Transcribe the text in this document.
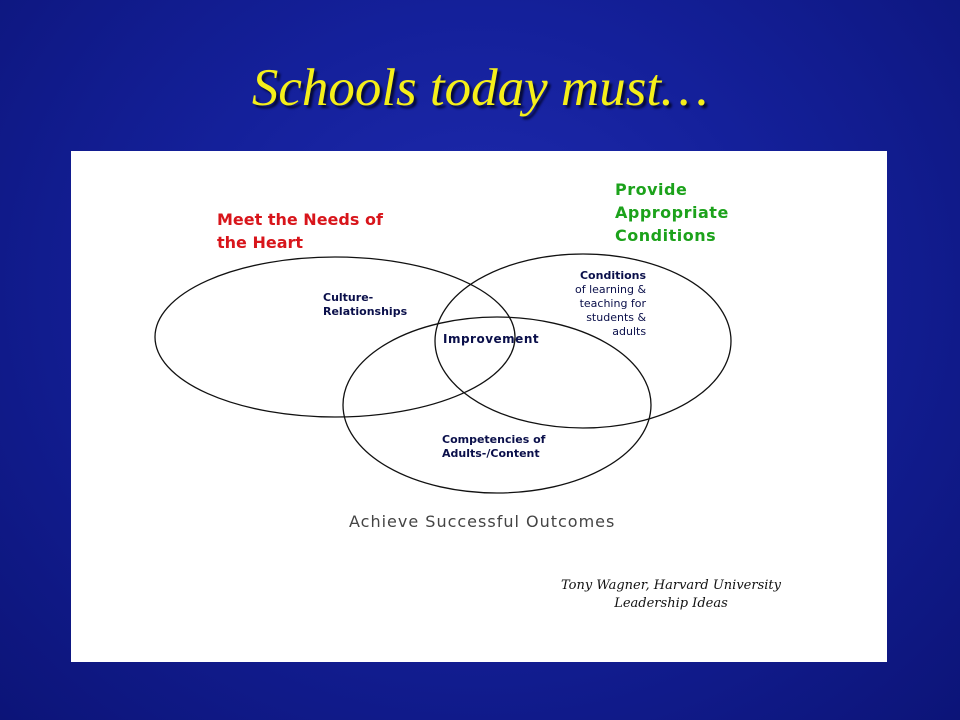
Schools today must…
Meet the Needs of
the Heart
Provide
Appropriate
Conditions
Achieve Successful Outcomes
Culture-
Relationships
Conditions
of learning &
teaching for
students &
adults
Improvement
Competencies of
Adults-/Content
Tony Wagner, Harvard University
Leadership Ideas
